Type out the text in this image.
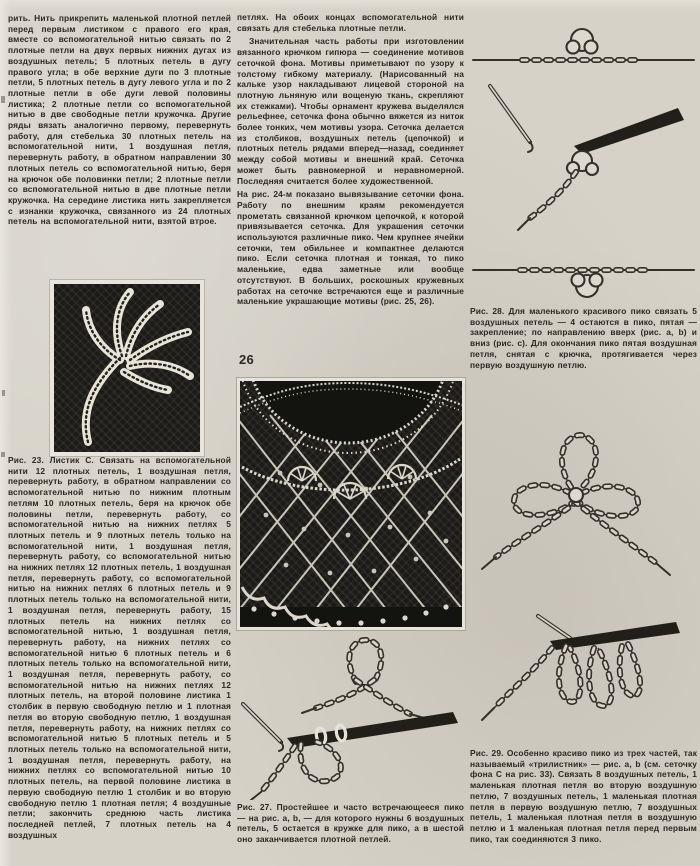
рить. Нить прикрепить маленькой плотной петлей перед первым листиком с правого его края, вместе со вспомогательной нитью связать по 2 плотные петли на двух первых нижних дугах из воздушных петель; 5 плотных петель в дугу правого угла; в обе верхние дуги по 3 плотные петли, 5 плотных петель в дугу левого угла и по 2 плотные петли в обе дуги левой половины листика; 2 плотные петли со вспомогательной нитью в две свободные петли кружочка. Другие ряды вязать аналогично первому, перевернуть работу, для стебелька 30 плотных петель на вспомогательной нити, 1 воздушная петля, перевернуть работу, в обратном направлении 30 плотных петель со вспомогательной нитью, беря на крючок обе половинки петли; 2 плотные петли со вспомогательной нитью в две плотные петли кружочка. На середине листика нить закрепляется с изнанки кружочка, связанного из 24 плотных петель на вспомогательной нити, взятой втрое.

Рис. 23. Листик C. Связать на вспомогательной нити 12 плотных петель, 1 воздушная петля, перевернуть работу, в обратном направлении со вспомогательной нитью по нижним плотным петлям 10 плотных петель, беря на крючок обе половины петли, перевернуть работу, со вспомогательной нитью на нижних петлях 5 плотных петель и 9 плотных петель только на вспомогательной нити, 1 воздушная петля, перевернуть работу, со вспомогательной нитью на нижних петлях 12 плотных петель, 1 воздушная петля, перевернуть работу, со вспомогательной нитью на нижних петлях 6 плотных петель и 9 плотных петель только на вспомогательной нити, 1 воздушная петля, перевернуть работу, 15 плотных петель на нижних петлях со вспомогательной нитью, 1 воздушная петля, перевернуть работу, на нижних петлях со вспомогательной нитью 6 плотных петель и 6 плотных петель только на вспомогательной нити, 1 воздушная петля, перевернуть работу, со вспомогательной нитью на нижних петлях 12 плотных петель, на второй половине листика 1 столбик в первую свободную петлю и 1 плотная петля во вторую свободную петлю, 1 воздушная петля, перевернуть работу, на нижних петлях со вспомогательной нитью 5 плотных петель и 5 плотных петель только на вспомогательной нити, 1 воздушная петля, перевернуть работу, на нижних петлях со вспомогательной нитью 10 плотных петель, на первой половине листика в первую свободную петлю 1 столбик и во вторую свободную петлю 1 плотная петля; 4 воздушные петли; закончить среднюю часть листика последней петлей, 7 плотных петель на 4 воздушных

петлях. На обоих концах вспомогательной нити связать для стебелька плотные петли.

Значительная часть работы при изготовлении вязанного крючком гипюра — соединение мотивов сеточкой фона. Мотивы приметывают по узору к толстому гибкому материалу. (Нарисованный на кальке узор накладывают лицевой стороной на плотную льняную или вощеную ткань, скрепляют их стежками). Чтобы орнамент кружева выделялся рельефнее, сеточка фона обычно вяжется из ниток более тонких, чем мотивы узора. Сеточка делается из столбиков, воздушных петель (цепочкой) и плотных петель рядами вперед—назад, соединяет между собой мотивы и внешний край. Сеточка может быть равномерной и неравномерной. Последняя считается более художественной.

На рис. 24-м показано вывязывание сеточки фона. Работу по внешним краям рекомендуется прометать связанной крючком цепочкой, к которой привязывается сеточка. Для украшения сеточки используются различные пико. Чем крупнее ячейки сеточки, тем обильнее и компактнее делаются пико. Если сеточка плотная и тонкая, то пико маленькие, едва заметные или вообще отсутствуют. В больших, роскошных кружевных работах на сеточке встречаются еще и различные маленькие украшающие мотивы (рис. 25, 26).

26

Рис. 27. Простейшее и часто встречающееся пико — на рис. a, b, — для которого нужны 6 воздушных петель, 5 остается в кружке для пико, а в шестой оно заканчивается плотной петлей.

Рис. 28. Для маленького красивого пико связать 5 воздушных петель — 4 остаются в пико, пятая — закрепление; по направлению вверх (рис. a, b) и вниз (рис. c). Для окончания пико пятая воздушная петля, снятая с крючка, протягивается через первую воздушную петлю.

Рис. 29. Особенно красиво пико из трех частей, так называемый «трилистник» — рис. a, b (см. сеточку фона C на рис. 33). Связать 8 воздушных петель, 1 маленькая плотная петля во вторую воздушную петлю, 7 воздушных петель, 1 маленькая плотная петля в первую воздушную петлю, 7 воздушных петель, 1 маленькая плотная петля в воздушную петлю и 1 маленькая плотная петля перед первым пико, так соединяются 3 пико.
